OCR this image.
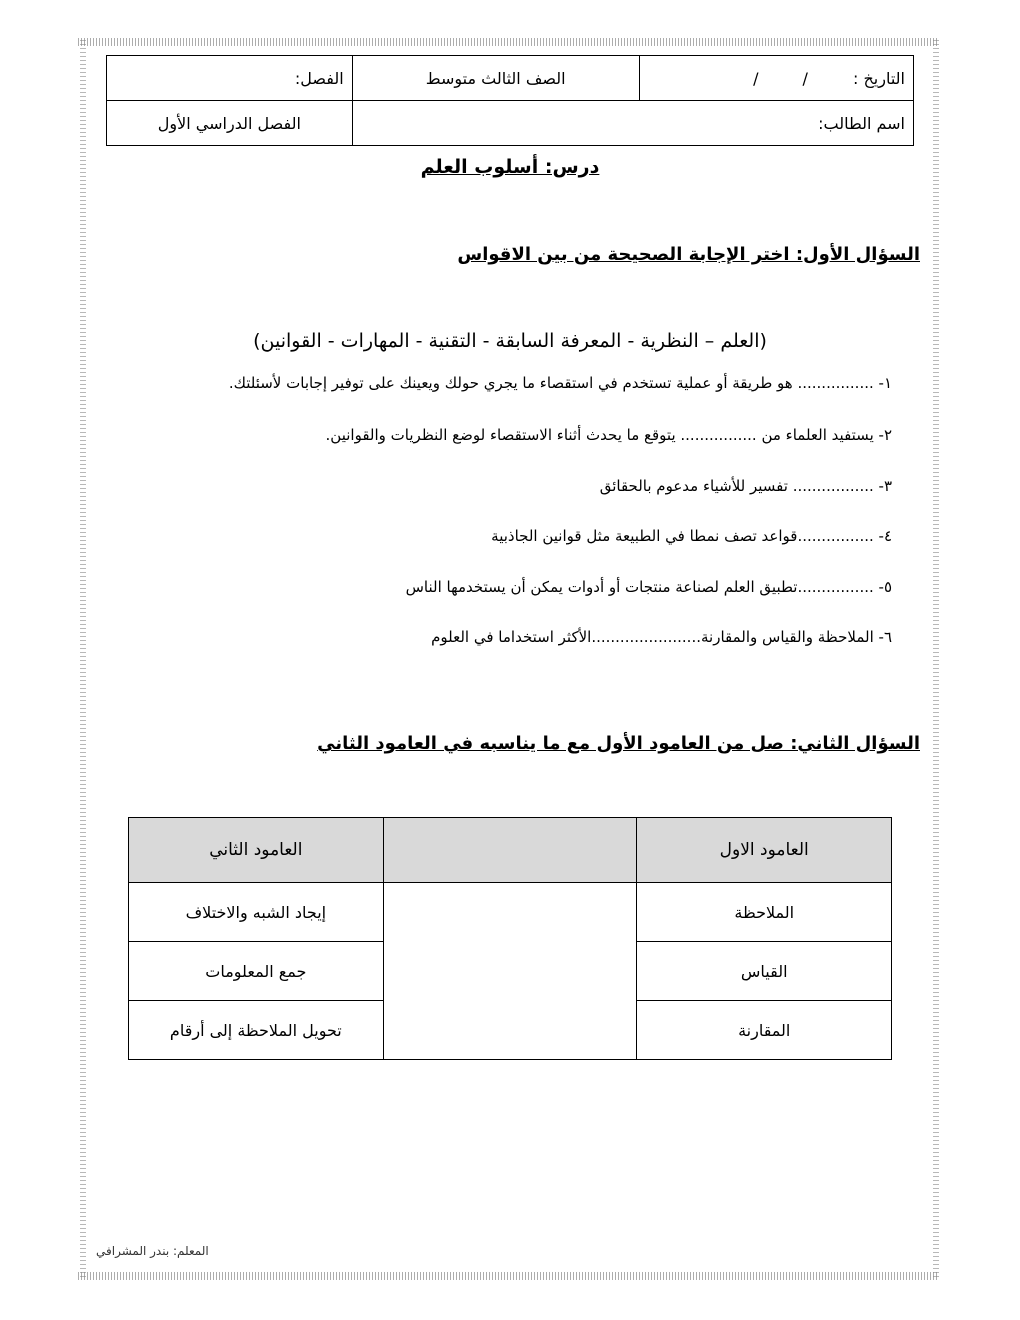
التاريخ : //	الصف الثالث متوسط	الفصل:
اسم الطالب:		الفصل الدراسي الأول
درس: أسلوب العلم
السؤال الأول: اختر الإجابة الصحيحة من بين الاقواس
(العلم – النظرية - المعرفة السابقة - التقنية - المهارات - القوانين)
١- ................ هو طريقة أو عملية تستخدم في استقصاء ما يجري حولك ويعينك على توفير إجابات لأسئلتك.
٢- يستفيد العلماء من ................ يتوقع ما يحدث أثناء الاستقصاء لوضع النظريات والقوانين.
٣- ................. تفسير للأشياء مدعوم بالحقائق
٤- ................قواعد تصف نمطا في الطبيعة مثل قوانين الجاذبية
٥- ................تطبيق العلم لصناعة منتجات أو أدوات يمكن أن يستخدمها الناس
٦- الملاحظة والقياس والمقارنة.......................الأكثر استخداما في العلوم
السؤال الثاني: صل من العامود الأول مع ما يناسبه في العامود الثاني
العامود الاول		العامود الثاني
الملاحظة		إيجاد الشبه والاختلاف
القياس		جمع المعلومات
المقارنة		تحويل الملاحظة إلى أرقام
المعلم: بندر المشرافي
